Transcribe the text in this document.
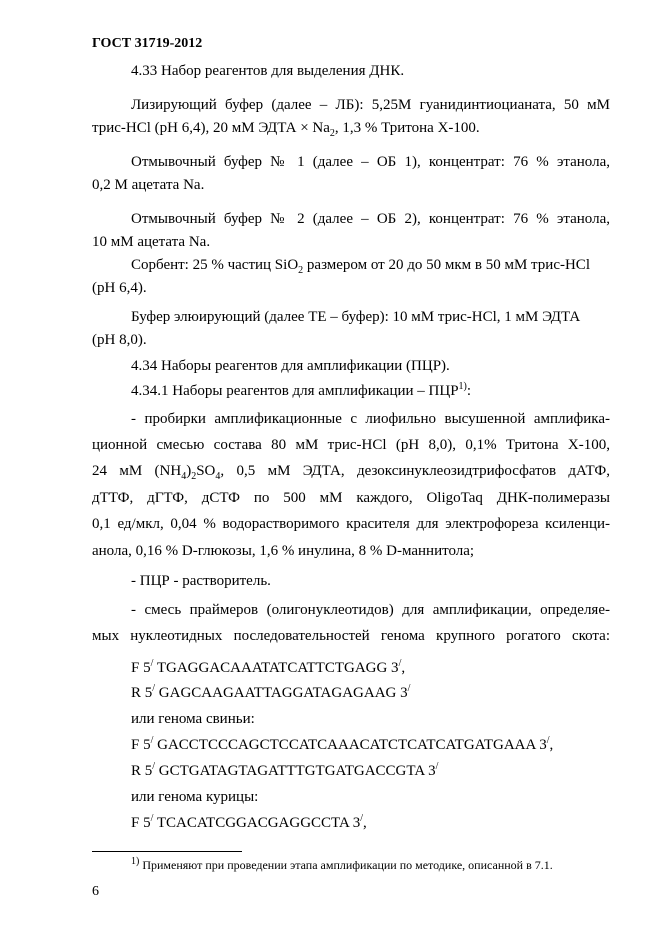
ГОСТ 31719-2012
4.33 Набор реагентов для выделения ДНК.
Лизирующий буфер (далее – ЛБ): 5,25М гуанидинтиоцианата, 50 мМ
трис-HCl (рН 6,4), 20 мМ ЭДТА × $Na_2$, 1,3 % Тритона Х-100.
Отмывочный буфер № 1 (далее – ОБ 1), концентрат: 76 % этанола,
0,2 М ацетата Na.
Отмывочный буфер № 2 (далее – ОБ 2), концентрат: 76 % этанола,
10 мМ ацетата Na.
Сорбент: 25 % частиц SiO$_2$ размером от 20 до 50 мкм в 50 мМ трис-HCl
(рН 6,4).
Буфер элюирующий (далее ТЕ – буфер): 10 мМ трис-HCl, 1 мМ ЭДТА
(рН 8,0).
4.34 Наборы реагентов для амплификации (ПЦР).
4.34.1 Наборы реагентов для амплификации – ПЦР$^{1)}$:
- пробирки амплификационные с лиофильно высушенной амплифика-
ционной смесью состава 80 мМ трис-HCl (рН 8,0), 0,1% Тритона Х-100,
24 мМ $(NH_4)_2SO_4$, 0,5 мМ ЭДТА, дезоксинуклеозидтрифосфатов дАТФ,
дТТФ, дГТФ, дСТФ по 500 мМ каждого, OligoTaq ДНК-полимеразы
0,1 ед/мкл, 0,04 % водорастворимого красителя для электрофореза ксиленци-
анола, 0,16 % D-глюкозы, 1,6 % инулина, 8 % D-маннитола;
- ПЦР - растворитель.
- смесь праймеров (олигонуклеотидов) для амплификации, определяе-
мых нуклеотидных последовательностей генома крупного рогатого скота:
F 5/ TGAGGACAAATATCATTCTGAGG 3/,
R 5/ GAGCAAGAATTAGGATAGAGAAG 3/
или генома свиньи:
F 5/ GACCTCCCAGCTCCATCAAACATCTCATCATGATGAAA 3/,
R 5/ GCTGATAGTAGATTTGTGATGACCGTA 3/
или генома курицы:
F 5/ TCACATCGGACGAGGCCTA 3/,
$^{1)}$ Применяют при проведении этапа амплификации по методике, описанной в 7.1.
6
